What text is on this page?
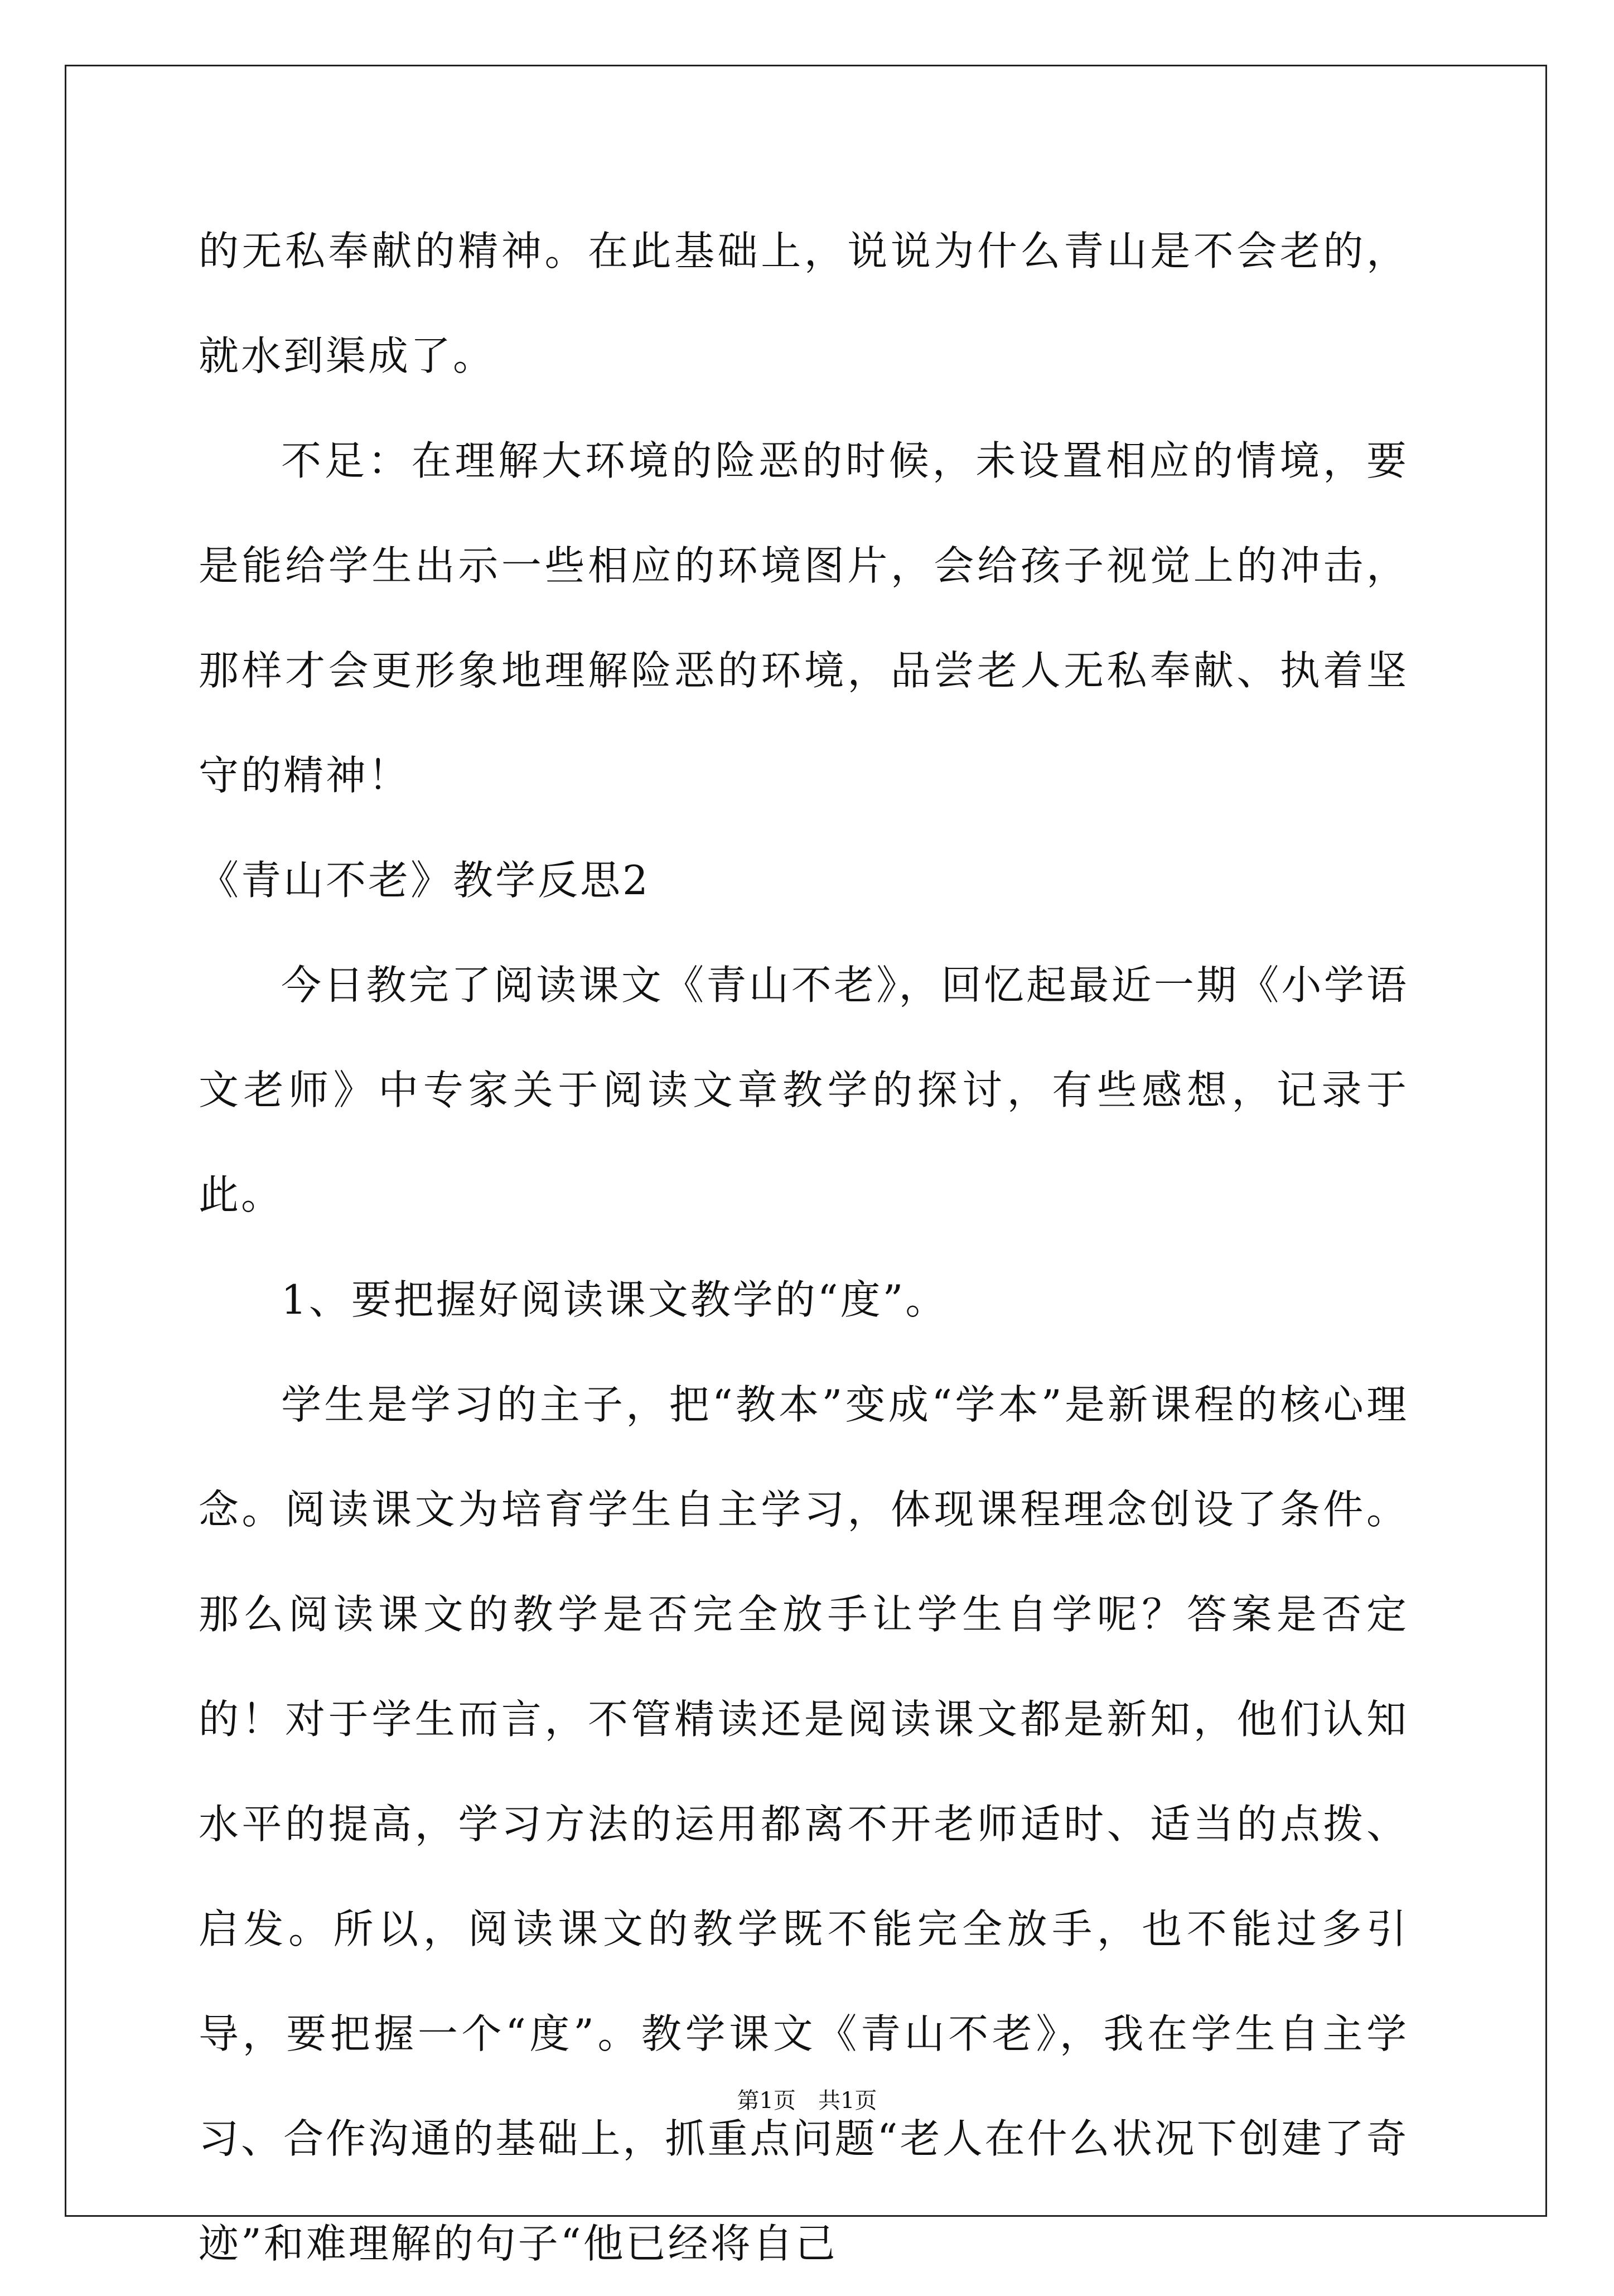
的无私奉献的精神。在此基础上，说说为什么青山是不会老的，就水到渠成了。

不足：在理解大环境的险恶的时候，未设置相应的情境，要是能给学生出示一些相应的环境图片，会给孩子视觉上的冲击，那样才会更形象地理解险恶的环境，品尝老人无私奉献、执着坚守的精神！

《青山不老》教学反思2

今日教完了阅读课文《青山不老》，回忆起最近一期《小学语文老师》中专家关于阅读文章教学的探讨，有些感想，记录于此。

1、要把握好阅读课文教学的“度”。

学生是学习的主子，把“教本”变成“学本”是新课程的核心理念。阅读课文为培育学生自主学习，体现课程理念创设了条件。那么阅读课文的教学是否完全放手让学生自学呢？答案是否定的！对于学生而言，不管精读还是阅读课文都是新知，他们认知水平的提高，学习方法的运用都离不开老师适时、适当的点拨、启发。所以，阅读课文的教学既不能完全放手，也不能过多引导，要把握一个“度”。教学课文《青山不老》，我在学生自主学习、合作沟通的基础上，抓重点问题“老人在什么状况下创建了奇迹”和难理解的句子“他已经将自己

第1页　共1页
